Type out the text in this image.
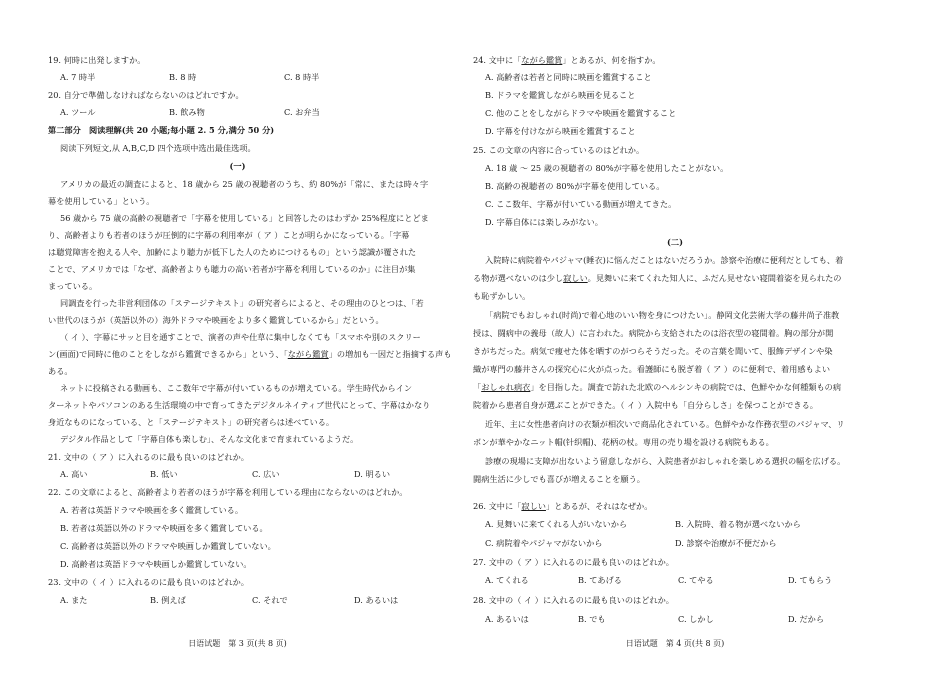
19. 何時に出発しますか。
A. 7 時半	B. 8 時	C. 8 時半
20. 自分で準備しなければならないのはどれですか。
A. ツール	B. 飲み物	C. お弁当
第二部分　阅读理解(共 20 小题;每小题 2. 5 分,满分 50 分)
阅读下列短文,从 A,B,C,D 四个选项中选出最佳选项。
(一)
アメリカの最近の調査によると、18 歳から 25 歳の視聴者のうち、約 80%が「常に、または時々字
幕を使用している」という。
56 歳から 75 歳の高齢の視聴者で「字幕を使用している」と回答したのはわずか 25%程度にとどま
り、高齢者よりも若者のほうが圧倒的に字幕の利用率が（ ア ）ことが明らかになっている。「字幕
は聴覚障害を抱える人や、加齢により聴力が低下した人のためにつけるもの」という認識が覆された
ことで、アメリカでは「なぜ、高齢者よりも聴力の高い若者が字幕を利用しているのか」に注目が集
まっている。
同調査を行った非営利団体の「ステージテキスト」の研究者らによると、その理由のひとつは、「若
い世代のほうが（英語以外の）海外ドラマや映画をより多く鑑賞しているから」だという。
（ イ ）、字幕にサッと目を通すことで、演者の声や仕草に集中しなくても「スマホや別のスクリー
ン(画面)で同時に他のことをしながら鑑賞できるから」という、「ながら鑑賞」の増加も一因だと指摘する声も
ある。
ネットに投稿される動画も、ここ数年で字幕が付いているものが増えている。学生時代からイン
ターネットやパソコンのある生活環境の中で育ってきたデジタルネイティブ世代にとって、字幕はかなり
身近なものになっている、と「ステージテキスト」の研究者らは述べている。
デジタル作品として「字幕自体も楽しむ」、そんな文化まで育まれているようだ。
21. 文中の（ ア ）に入れるのに最も良いのはどれか。
A. 高い	B. 低い	C. 広い	D. 明るい
22. この文章によると、高齢者より若者のほうが字幕を利用している理由にならないのはどれか。
A. 若者は英語ドラマや映画を多く鑑賞している。
B. 若者は英語以外のドラマや映画を多く鑑賞している。
C. 高齢者は英語以外のドラマや映画しか鑑賞していない。
D. 高齢者は英語ドラマや映画しか鑑賞していない。
23. 文中の（ イ ）に入れるのに最も良いのはどれか。
A. また	B. 例えば	C. それで	D. あるいは
日语试题　第 3 页(共 8 页)
24. 文中に「ながら鑑賞」とあるが、何を指すか。
A. 高齢者は若者と同時に映画を鑑賞すること
B. ドラマを鑑賞しながら映画を見ること
C. 他のことをしながらドラマや映画を鑑賞すること
D. 字幕を付けながら映画を鑑賞すること
25. この文章の内容に合っているのはどれか。
A. 18 歳 ～ 25 歳の視聴者の 80%が字幕を使用したことがない。
B. 高齢の視聴者の 80%が字幕を使用している。
C. ここ数年、字幕が付いている動画が増えてきた。
D. 字幕自体には楽しみがない。
(二)
入院時に病院着やパジャマ(睡衣)に悩んだことはないだろうか。診察や治療に便利だとしても、着
る物が選べないのは少し寂しい。見舞いに来てくれた知人に、ふだん見せない寝間着姿を見られたの
も恥ずかしい。
「病院でもおしゃれ(时尚)で着心地のいい物を身につけたい」。静岡文化芸術大学の藤井尚子准教
授は、闘病中の義母（故人）に言われた。病院から支給されたのは浴衣型の寝間着。胸の部分が開
きがちだった。病気で痩せた体を晒すのがつらそうだった。その言葉を聞いて、服飾デザインや染
織が専門の藤井さんの探究心に火が点った。看護師にも脱ぎ着（ ア ）のに便利で、着用感もよい
「おしゃれ病衣」を目指した。調査で訪れた北欧のヘルシンキの病院では、色鮮やかな何種類もの病
院着から患者自身が選ぶことができた。（ イ ）入院中も「自分らしさ」を保つことができる。
近年、主に女性患者向けの衣類が相次いで商品化されている。色鮮やかな作務衣型のパジャマ、リ
ボンが華やかなニット帽(针织帽)、花柄の杖。専用の売り場を設ける病院もある。
診療の現場に支障が出ないよう留意しながら、入院患者がおしゃれを楽しめる選択の幅を広げる。
闘病生活に少しでも喜びが増えることを願う。
26. 文中に「寂しい」とあるが、それはなぜか。
A. 見舞いに来てくれる人がいないから	B. 入院時、着る物が選べないから
C. 病院着やパジャマがないから	D. 診察や治療が不便だから
27. 文中の（ ア ）に入れるのに最も良いのはどれか。
A. てくれる	B. てあげる	C. てやる	D. てもらう
28. 文中の（ イ ）に入れるのに最も良いのはどれか。
A. あるいは	B. でも	C. しかし	D. だから
日语试题　第 4 页(共 8 页)
